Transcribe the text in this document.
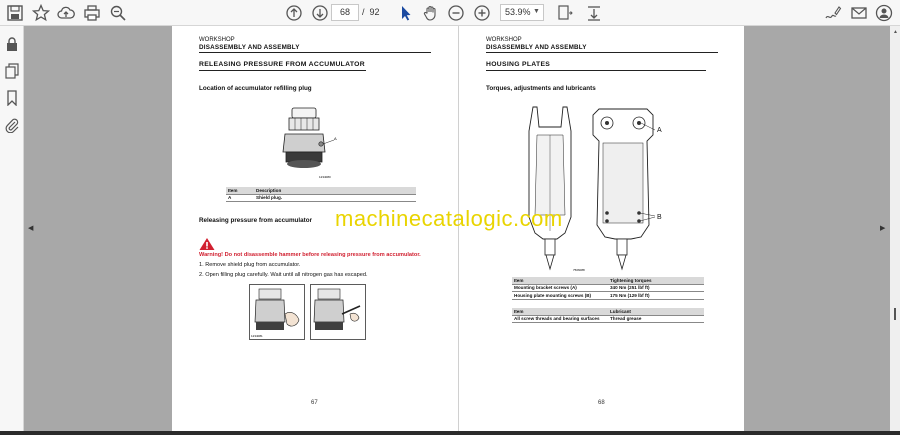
68	/ 92	53.9% ▼
◀
WORKSHOP
DISASSEMBLY AND ASSEMBLY
RELEASING PRESSURE FROM ACCUMULATOR
Location of accumulator refilling plug
A
1234080
Item	Description
A	Shield plug.
Releasing pressure from accumulator
Warning! Do not disassemble hammer before releasing pressure from accumulator.
1. Remove shield plug from accumulator.
2. Open filling plug carefully. Wait until all nitrogen gas has escaped.
1234081
67
WORKSHOP
DISASSEMBLY AND ASSEMBLY
HOUSING PLATES
Torques, adjustments and lubricants
7506088
A
B
Item	Tightening torques
Mounting bracket screws (A)	340 Nm (251 lbf ft)
Housing plate mounting screws (B)	175 Nm (129 lbf ft)
Item	Lubricant
All screw threads and bearing surfaces	Thread grease
68
▶
machinecatalogic.com
▲
